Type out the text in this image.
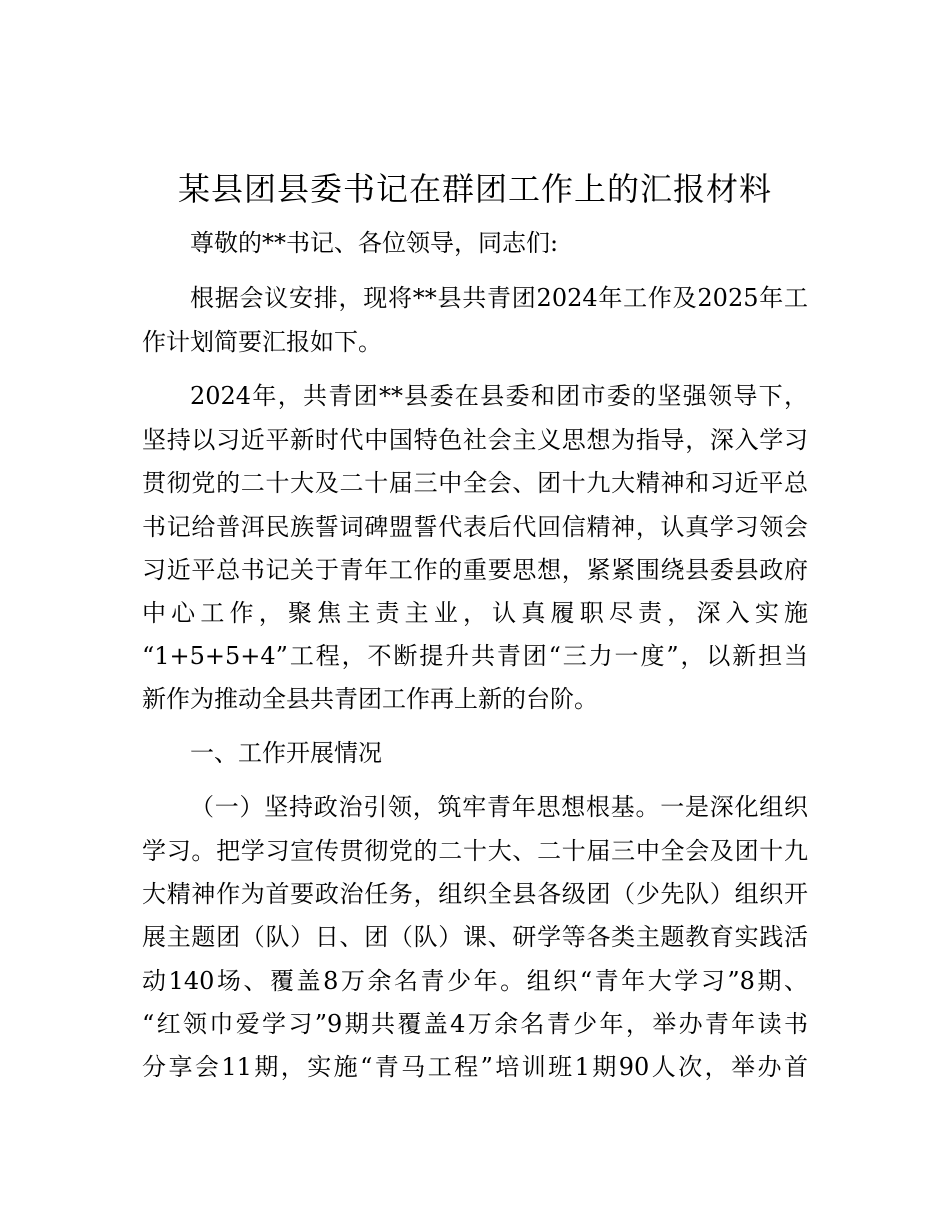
某县团县委书记在群团工作上的汇报材料
尊敬的**书记、各位领导，同志们:
根据会议安排，现将**县共青团2024年工作及2025年工
作计划简要汇报如下。
2024年，共青团**县委在县委和团市委的坚强领导下，
坚持以习近平新时代中国特色社会主义思想为指导，深入学习
贯彻党的二十大及二十届三中全会、团十九大精神和习近平总
书记给普洱民族誓词碑盟誓代表后代回信精神，认真学习领会
习近平总书记关于青年工作的重要思想，紧紧围绕县委县政府
中心工作，聚焦主责主业，认真履职尽责，深入实施
“1+5+5+4”工程，不断提升共青团“三力一度”，以新担当
新作为推动全县共青团工作再上新的台阶。
一、工作开展情况
（一）坚持政治引领，筑牢青年思想根基。一是深化组织
学习。把学习宣传贯彻党的二十大、二十届三中全会及团十九
大精神作为首要政治任务，组织全县各级团（少先队）组织开
展主题团（队）日、团（队）课、研学等各类主题教育实践活
动140场、覆盖8万余名青少年。组织“青年大学习”8期、
“红领巾爱学习”9期共覆盖4万余名青少年，举办青年读书
分享会11期，实施“青马工程”培训班1期90人次，举办首
